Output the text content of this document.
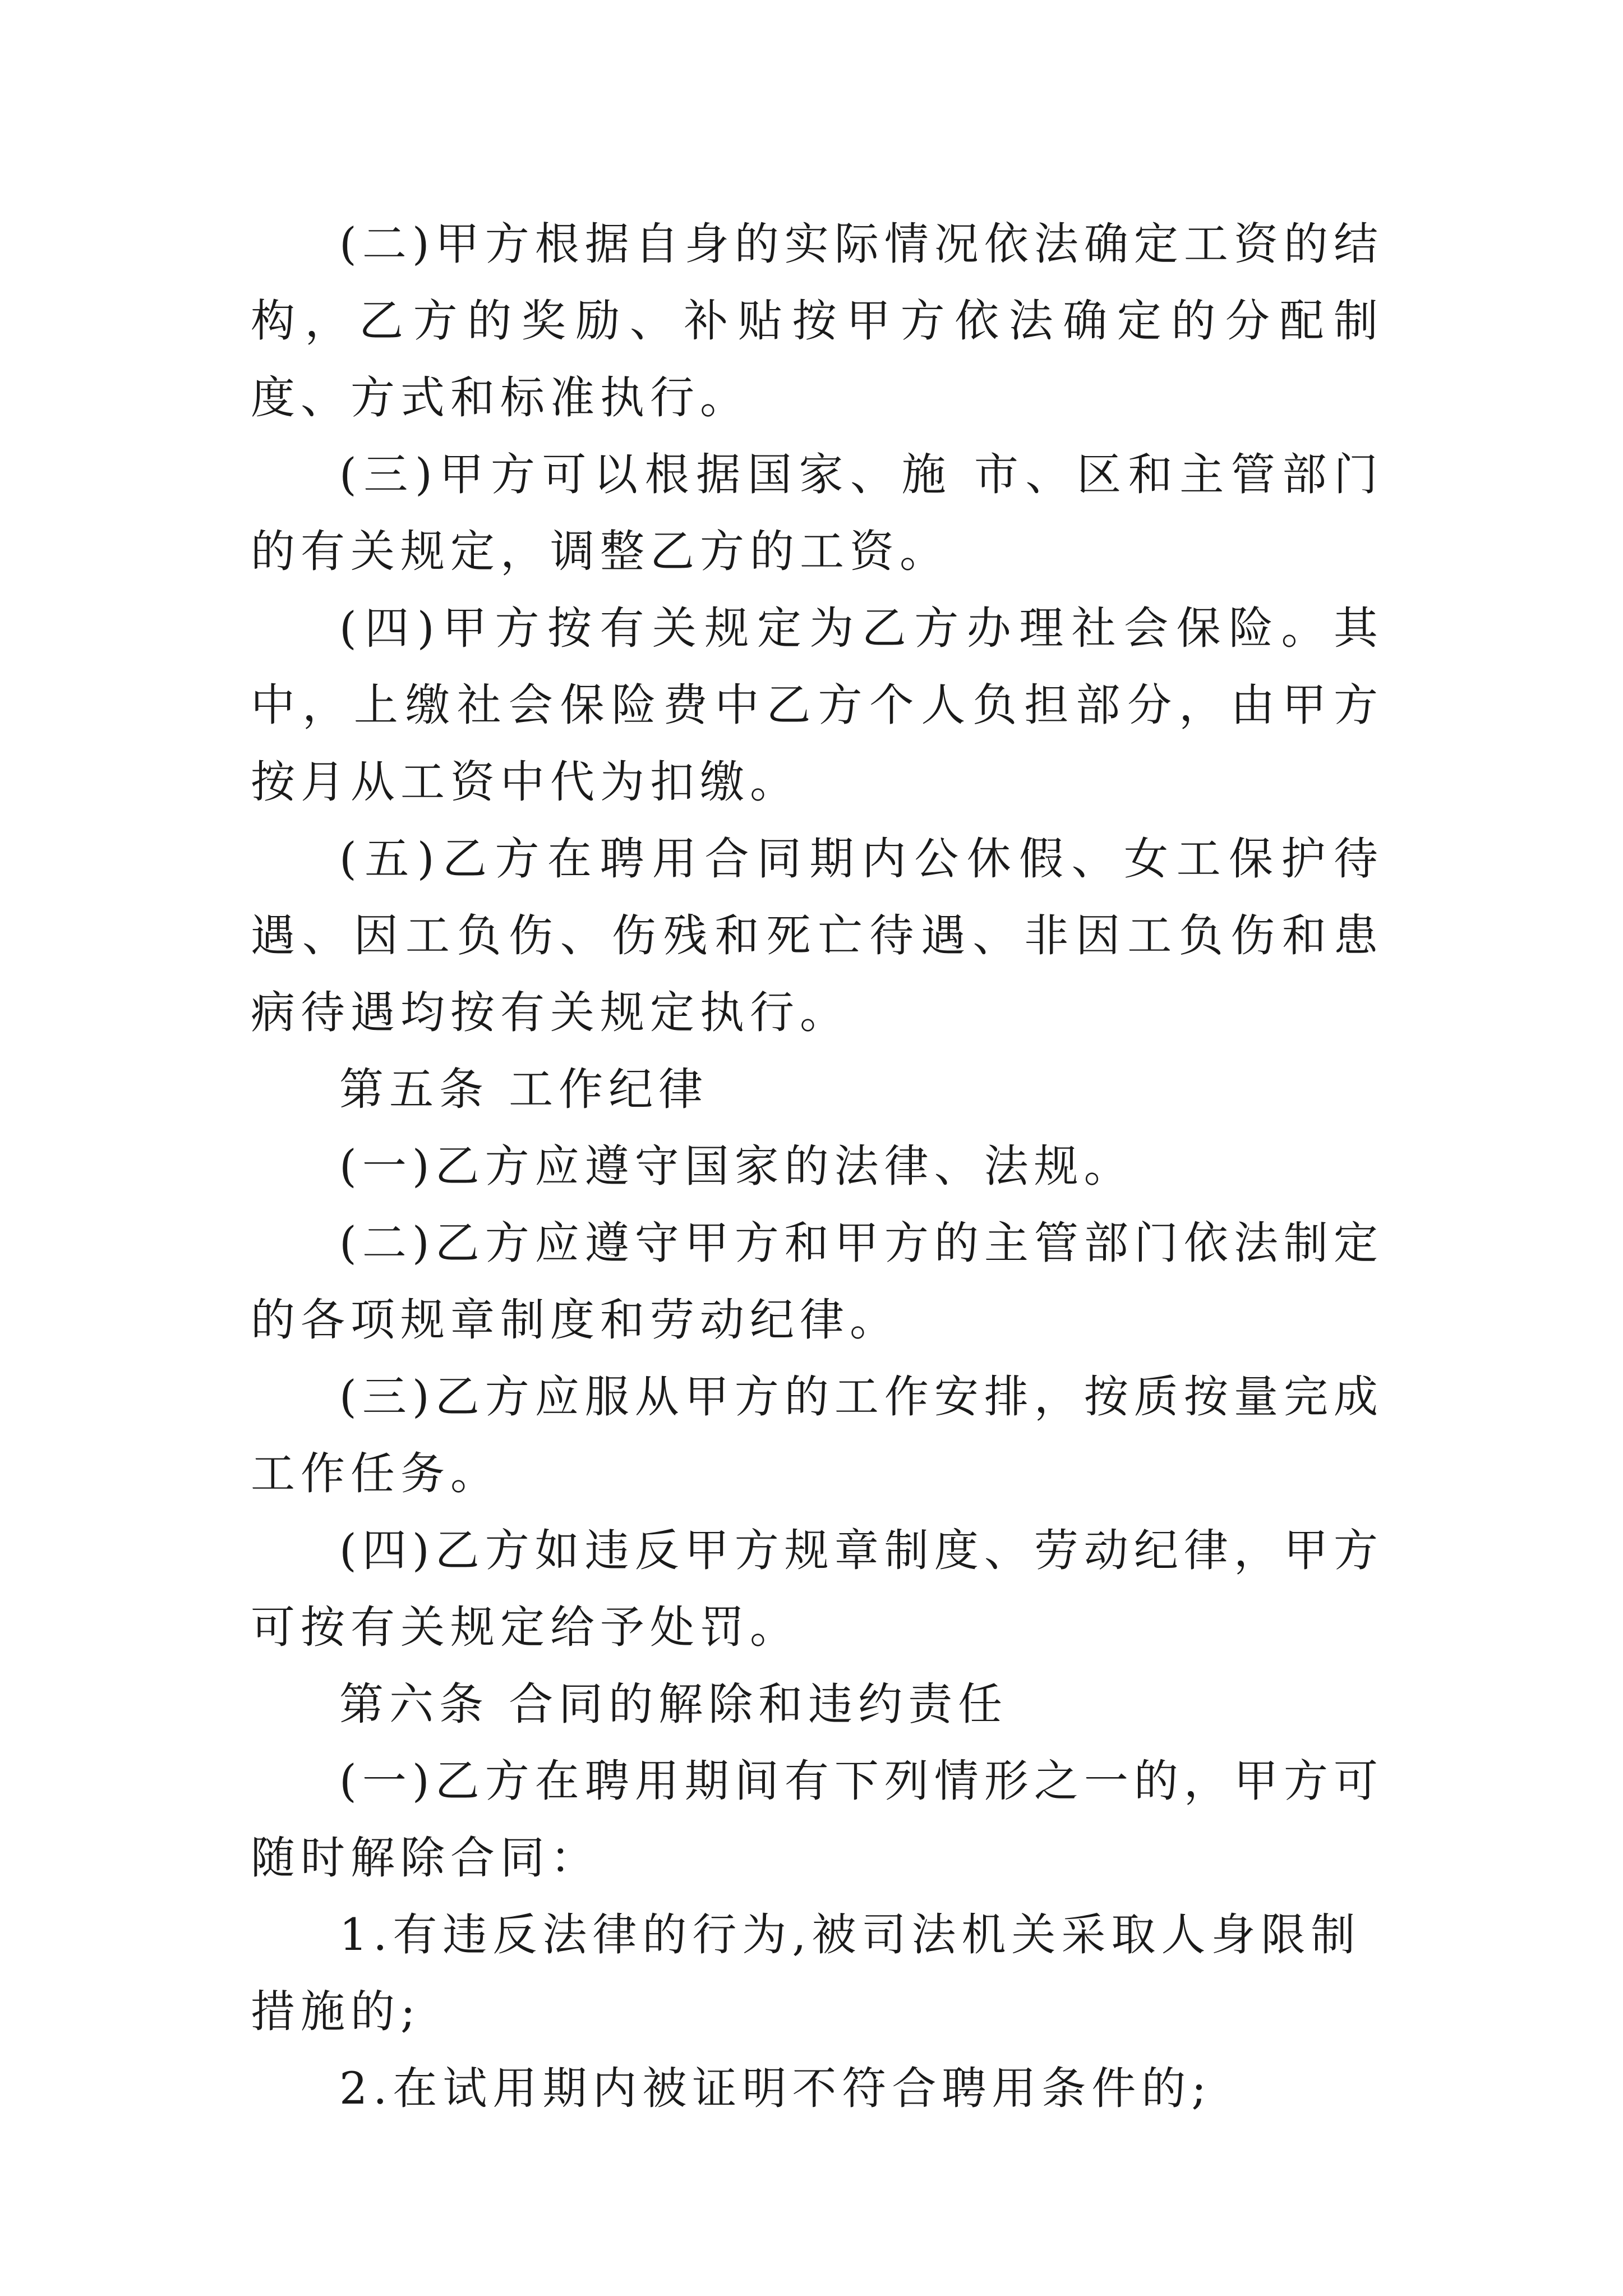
(二)甲方根据自身的实际情况依法确定工资的结构，乙方的奖励、补贴按甲方依法确定的分配制度、方式和标准执行。

(三)甲方可以根据国家、施 市、区和主管部门的有关规定，调整乙方的工资。

(四)甲方按有关规定为乙方办理社会保险。其中，上缴社会保险费中乙方个人负担部分，由甲方按月从工资中代为扣缴。

(五)乙方在聘用合同期内公休假、女工保护待遇、因工负伤、伤残和死亡待遇、非因工负伤和患病待遇均按有关规定执行。

第五条 工作纪律

(一)乙方应遵守国家的法律、法规。

(二)乙方应遵守甲方和甲方的主管部门依法制定的各项规章制度和劳动纪律。

(三)乙方应服从甲方的工作安排，按质按量完成工作任务。

(四)乙方如违反甲方规章制度、劳动纪律，甲方可按有关规定给予处罚。

第六条 合同的解除和违约责任

(一)乙方在聘用期间有下列情形之一的，甲方可随时解除合同：

1.有违反法律的行为,被司法机关采取人身限制措施的;

2.在试用期内被证明不符合聘用条件的;
